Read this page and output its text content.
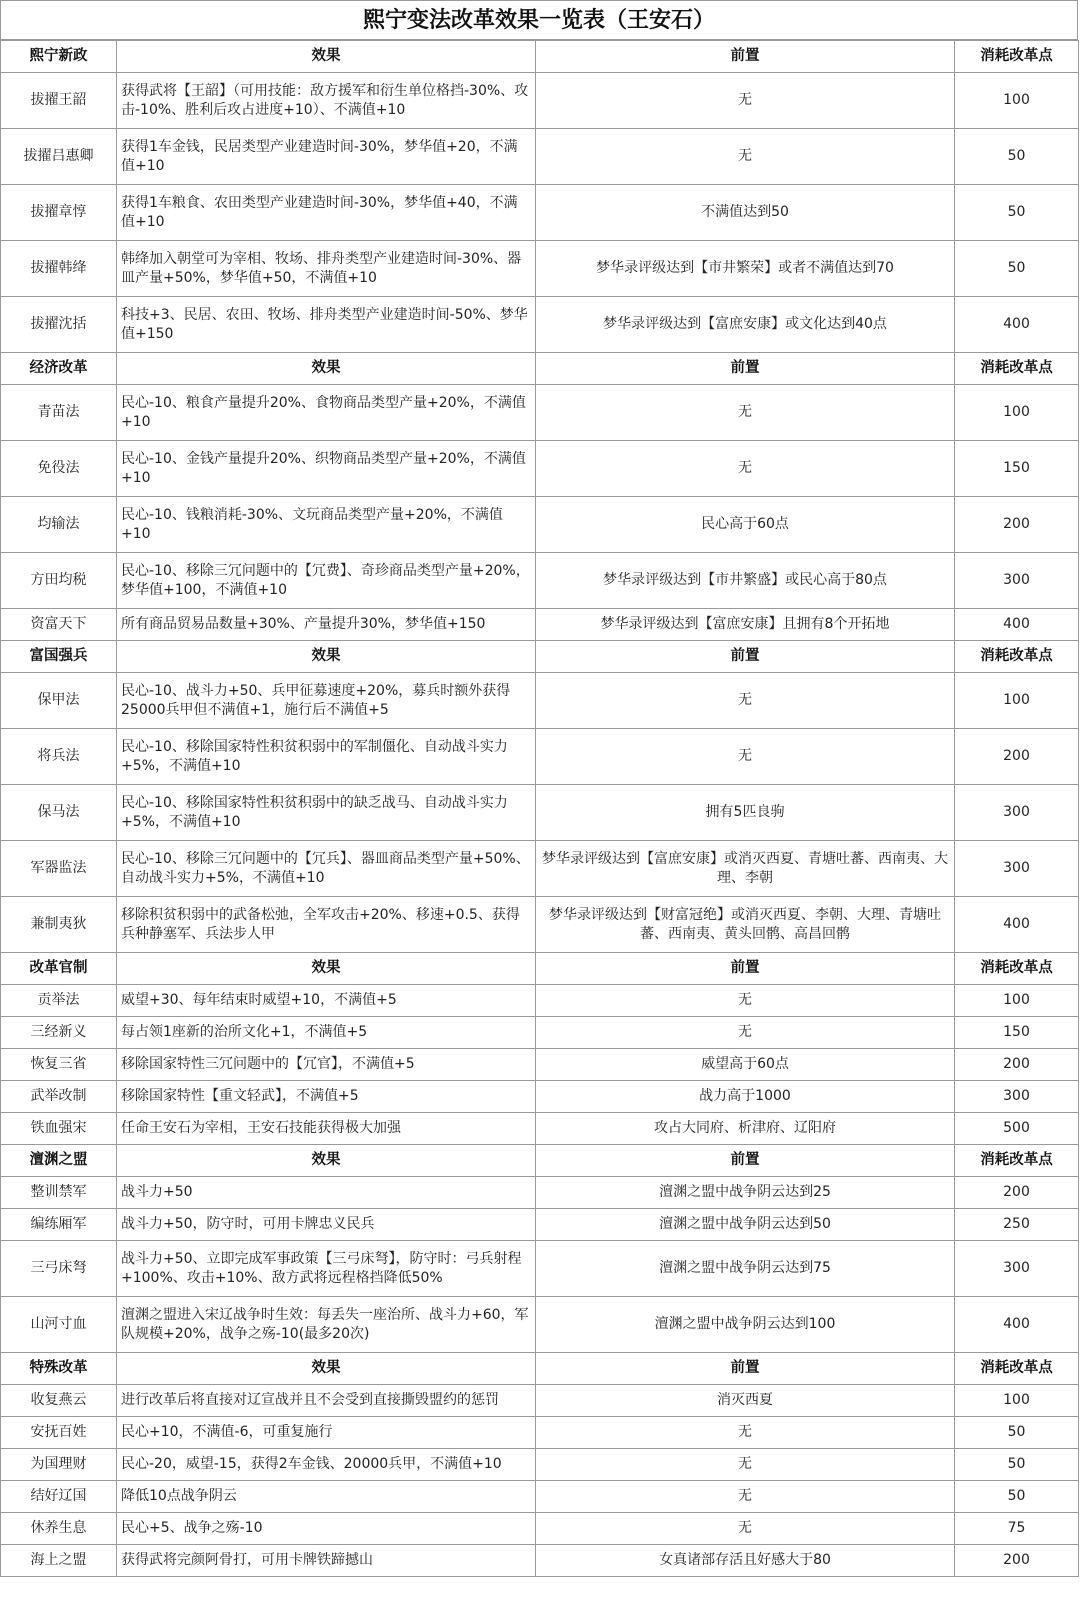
熙宁变法改革效果一览表（王安石）
熙宁新政	效果	前置	消耗改革点
拔擢王韶	获得武将【王韶】（可用技能：敌方援军和衍生单位格挡-30%、攻击-10%、胜利后攻占进度+10）、不满值+10	无	100
拔擢吕惠卿	获得1车金钱，民居类型产业建造时间-30%，梦华值+20，不满值+10	无	50
拔擢章惇	获得1车粮食、农田类型产业建造时间-30%，梦华值+40，不满值+10	不满值达到50	50
拔擢韩绛	韩绛加入朝堂可为宰相、牧场、排舟类型产业建造时间-30%、器皿产量+50%，梦华值+50，不满值+10	梦华录评级达到【市井繁荣】或者不满值达到70	50
拔擢沈括	科技+3、民居、农田、牧场、排舟类型产业建造时间-50%、梦华值+150	梦华录评级达到【富庶安康】或文化达到40点	400
经济改革	效果	前置	消耗改革点
青苗法	民心-10、粮食产量提升20%、食物商品类型产量+20%，不满值+10	无	100
免役法	民心-10、金钱产量提升20%、织物商品类型产量+20%，不满值+10	无	150
均输法	民心-10、钱粮消耗-30%、文玩商品类型产量+20%，不满值+10	民心高于60点	200
方田均税	民心-10、移除三冗问题中的【冗费】、奇珍商品类型产量+20%，梦华值+100，不满值+10	梦华录评级达到【市井繁盛】或民心高于80点	300
资富天下	所有商品贸易品数量+30%、产量提升30%，梦华值+150	梦华录评级达到【富庶安康】且拥有8个开拓地	400
富国强兵	效果	前置	消耗改革点
保甲法	民心-10、战斗力+50、兵甲征募速度+20%，募兵时额外获得25000兵甲但不满值+1，施行后不满值+5	无	100
将兵法	民心-10、移除国家特性积贫积弱中的军制僵化、自动战斗实力+5%，不满值+10	无	200
保马法	民心-10、移除国家特性积贫积弱中的缺乏战马、自动战斗实力+5%，不满值+10	拥有5匹良驹	300
军器监法	民心-10、移除三冗问题中的【冗兵】、器皿商品类型产量+50%、自动战斗实力+5%，不满值+10	梦华录评级达到【富庶安康】或消灭西夏、青塘吐蕃、西南夷、大理、李朝	300
兼制夷狄	移除积贫积弱中的武备松弛，全军攻击+20%、移速+0.5、获得兵种静塞军、兵法步人甲	梦华录评级达到【财富冠绝】或消灭西夏、李朝、大理、青塘吐蕃、西南夷、黄头回鹘、高昌回鹘	400
改革官制	效果	前置	消耗改革点
贡举法	威望+30、每年结束时威望+10，不满值+5	无	100
三经新义	每占领1座新的治所文化+1，不满值+5	无	150
恢复三省	移除国家特性三冗问题中的【冗官】，不满值+5	威望高于60点	200
武举改制	移除国家特性【重文轻武】，不满值+5	战力高于1000	300
铁血强宋	任命王安石为宰相，王安石技能获得极大加强	攻占大同府、析津府、辽阳府	500
澶渊之盟	效果	前置	消耗改革点
整训禁军	战斗力+50	澶渊之盟中战争阴云达到25	200
编练厢军	战斗力+50，防守时，可用卡牌忠义民兵	澶渊之盟中战争阴云达到50	250
三弓床弩	战斗力+50、立即完成军事政策【三弓床弩】，防守时：弓兵射程+100%、攻击+10%、敌方武将远程格挡降低50%	澶渊之盟中战争阴云达到75	300
山河寸血	澶渊之盟进入宋辽战争时生效：每丢失一座治所、战斗力+60，军队规模+20%，战争之殇-10(最多20次)	澶渊之盟中战争阴云达到100	400
特殊改革	效果	前置	消耗改革点
收复燕云	进行改革后将直接对辽宣战并且不会受到直接撕毁盟约的惩罚	消灭西夏	100
安抚百姓	民心+10，不满值-6，可重复施行	无	50
为国理财	民心-20，威望-15，获得2车金钱、20000兵甲，不满值+10	无	50
结好辽国	降低10点战争阴云	无	50
休养生息	民心+5、战争之殇-10	无	75
海上之盟	获得武将完颜阿骨打，可用卡牌铁蹄撼山	女真诸部存活且好感大于80	200
